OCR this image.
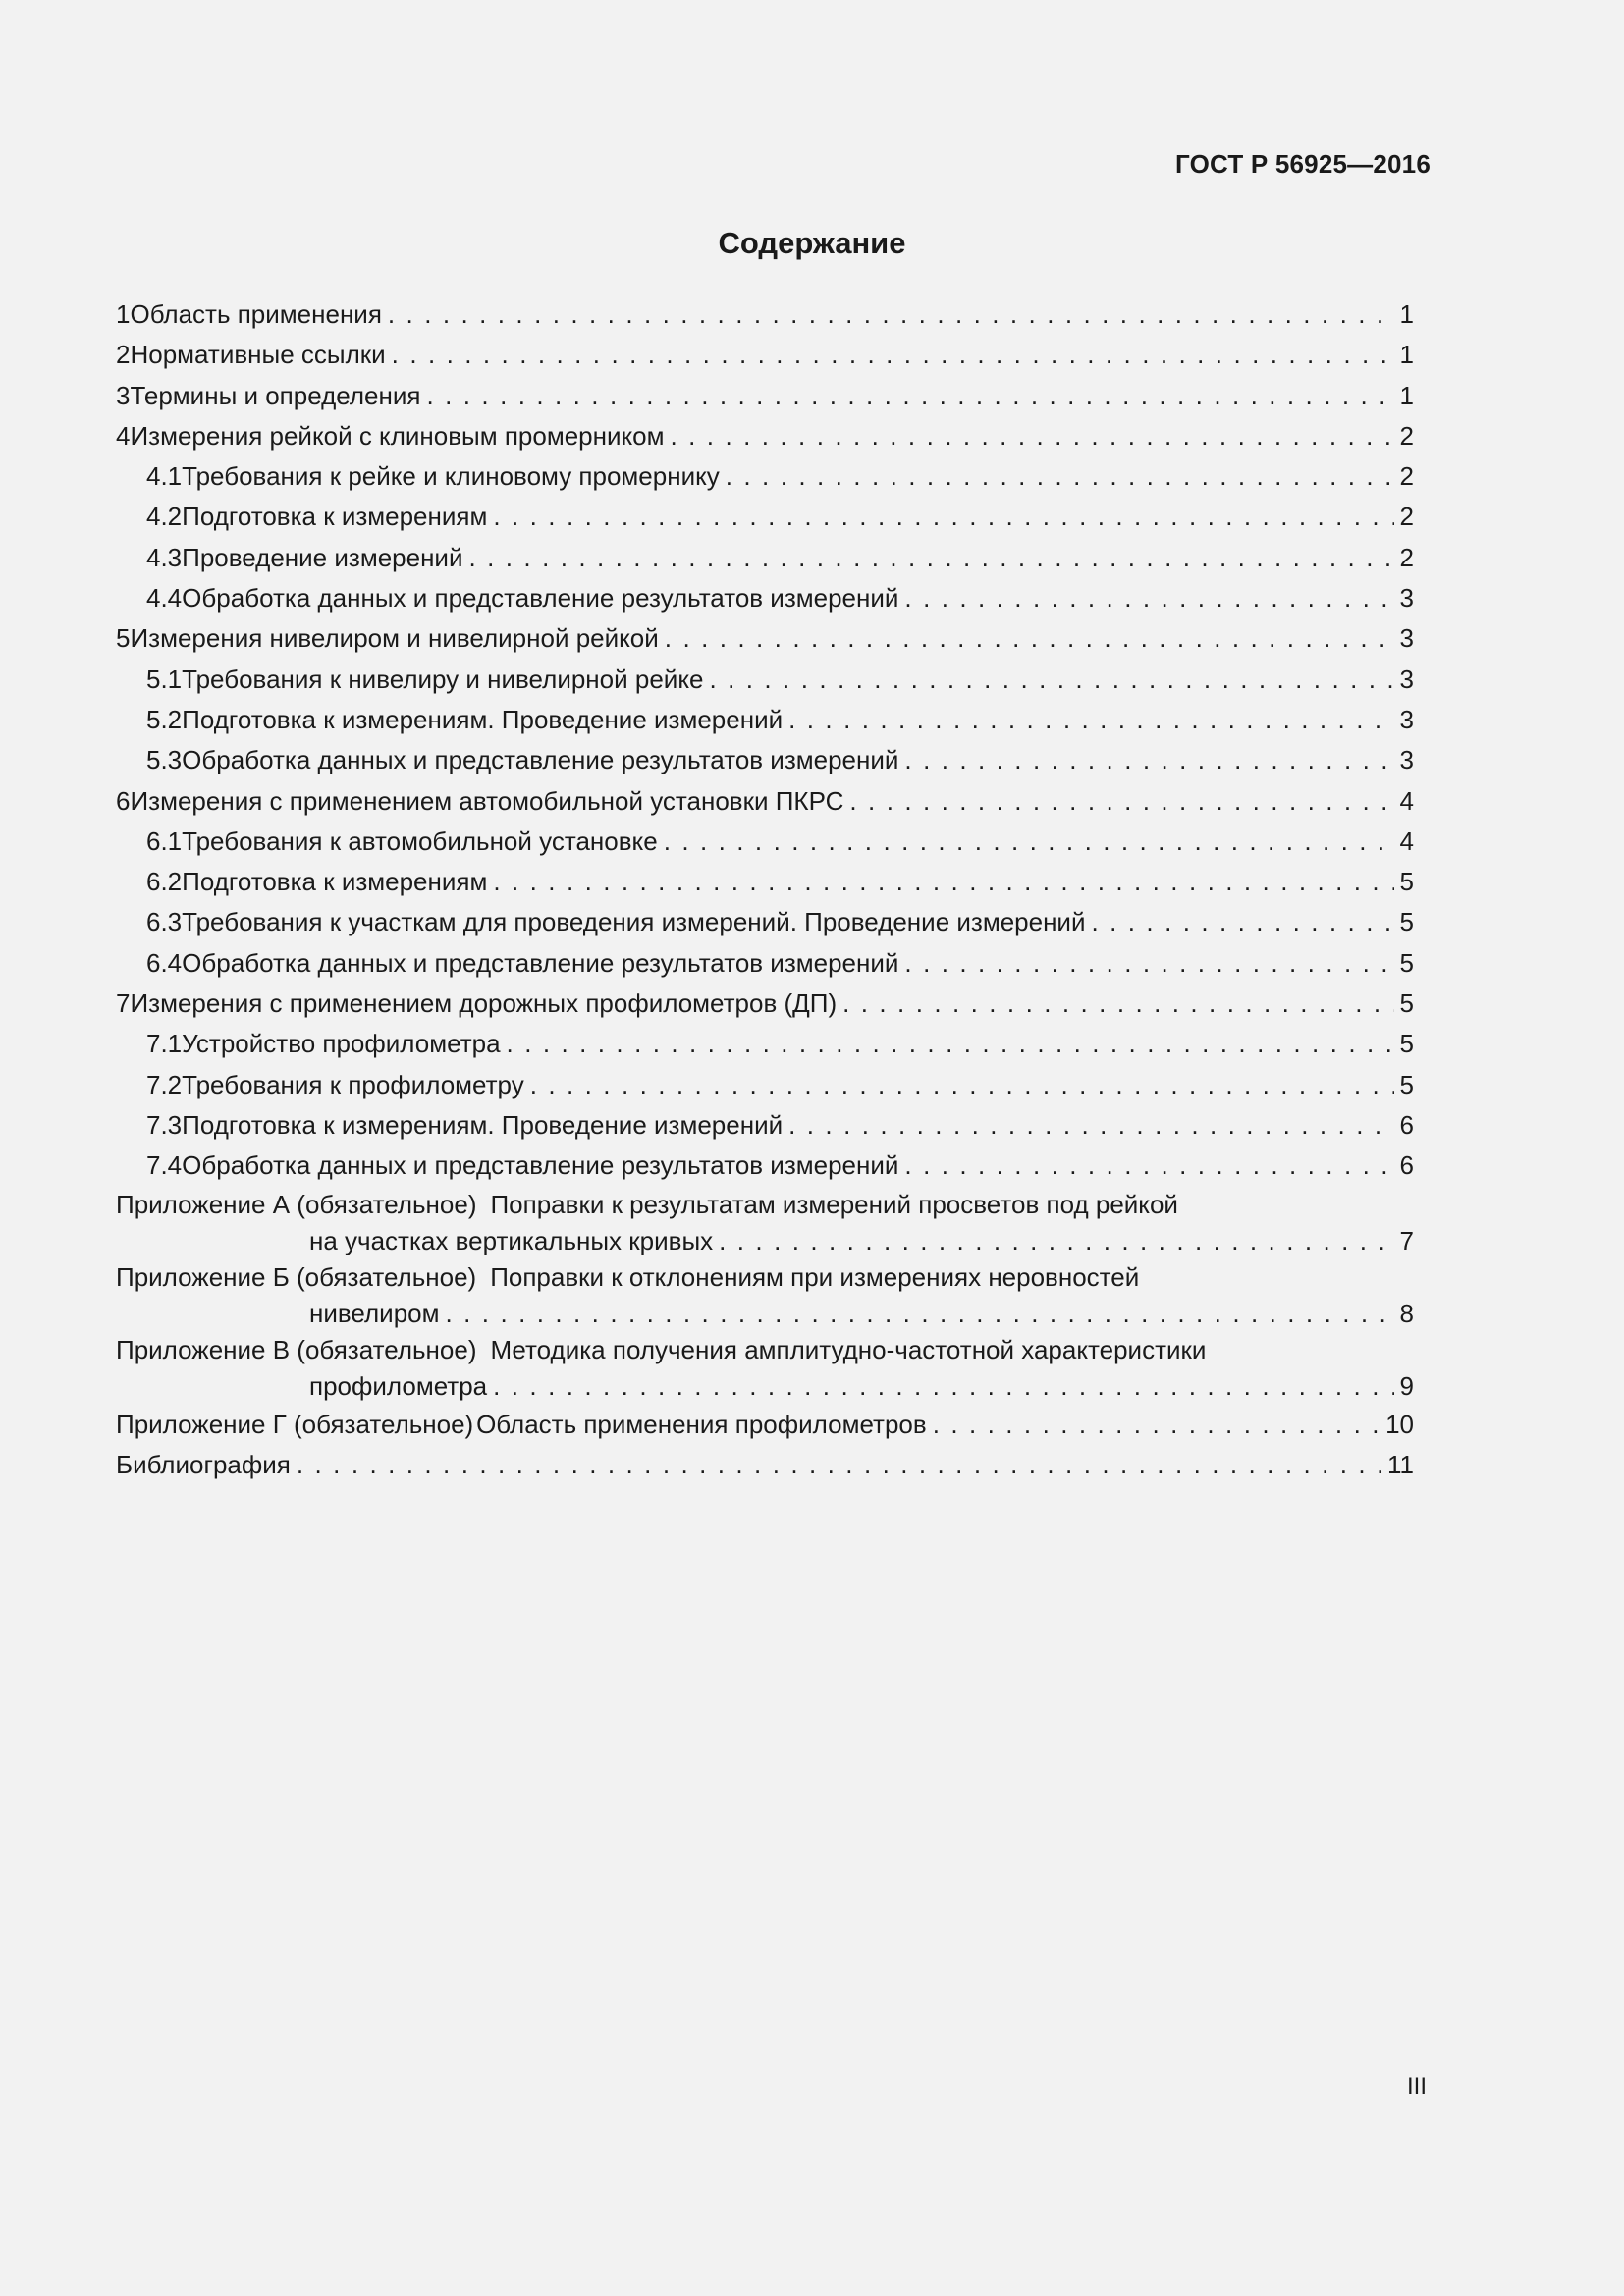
ГОСТ Р 56925—2016
Содержание
1 Область применения . . .	1
2 Нормативные ссылки . . .	1
3 Термины и определения . . .	1
4 Измерения рейкой с клиновым промерником . . .	2
4.1 Требования к рейке и клиновому промернику . . .	2
4.2 Подготовка к измерениям . . .	2
4.3 Проведение измерений . . .	2
4.4 Обработка данных и представление результатов измерений . . .	3
5 Измерения нивелиром и нивелирной рейкой . . .	3
5.1 Требования к нивелиру и нивелирной рейке . . .	3
5.2 Подготовка к измерениям. Проведение измерений . . .	3
5.3 Обработка данных и представление результатов измерений . . .	3
6 Измерения с применением автомобильной установки ПКРС . . .	4
6.1 Требования к автомобильной установке . . .	4
6.2 Подготовка к измерениям . . .	5
6.3 Требования к участкам для проведения измерений. Проведение измерений . . .	5
6.4 Обработка данных и представление результатов измерений . . .	5
7 Измерения с применением дорожных профилометров (ДП) . . .	5
7.1 Устройство профилометра . . .	5
7.2 Требования к профилометру . . .	5
7.3 Подготовка к измерениям. Проведение измерений . . .	6
7.4 Обработка данных и представление результатов измерений . . .	6
Приложение А (обязательное) Поправки к результатам измерений просветов под рейкой
на участках вертикальных кривых . . .	7
Приложение Б (обязательное) Поправки к отклонениям при измерениях неровностей
нивелиром . . .	8
Приложение В (обязательное) Методика получения амплитудно-частотной характеристики
профилометра . . .	9
Приложение Г (обязательное) Область применения профилометров . . .	10
Библиография . . .	11
III
